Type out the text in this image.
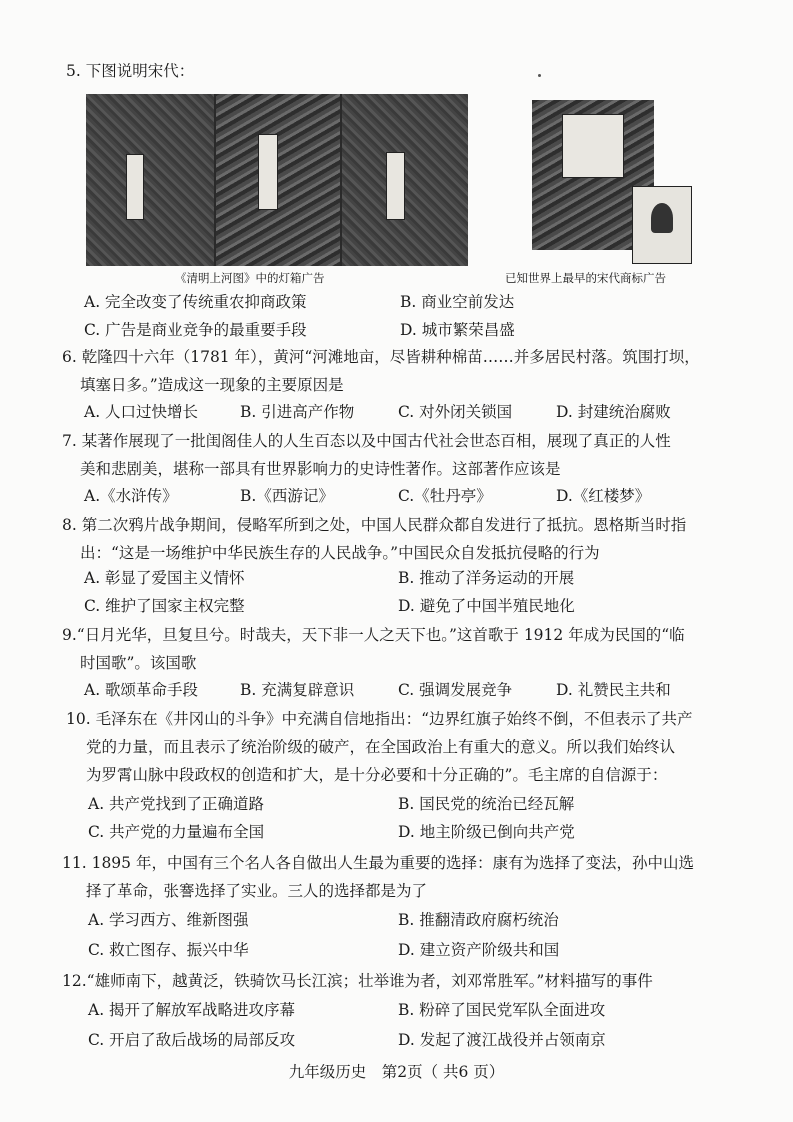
5. 下图说明宋代：
《清明上河图》中的灯箱广告	已知世界上最早的宋代商标广告
A. 完全改变了传统重农抑商政策	B. 商业空前发达
C. 广告是商业竞争的最重要手段	D. 城市繁荣昌盛
6. 乾隆四十六年（1781 年），黄河“河滩地亩，尽皆耕种棉苗……并多居民村落。筑围打坝，
填塞日多。”造成这一现象的主要原因是
A. 人口过快增长	B. 引进高产作物	C. 对外闭关锁国	D. 封建统治腐败
7. 某著作展现了一批闺阁佳人的人生百态以及中国古代社会世态百相，展现了真正的人性
美和悲剧美，堪称一部具有世界影响力的史诗性著作。这部著作应该是
A.《水浒传》	B.《西游记》	C.《牡丹亭》	D.《红楼梦》
8. 第二次鸦片战争期间，侵略军所到之处，中国人民群众都自发进行了抵抗。恩格斯当时指
出：“这是一场维护中华民族生存的人民战争。”中国民众自发抵抗侵略的行为
A. 彰显了爱国主义情怀	B. 推动了洋务运动的开展
C. 维护了国家主权完整	D. 避免了中国半殖民地化
9.“日月光华，旦复旦兮。时哉夫，天下非一人之天下也。”这首歌于 1912 年成为民国的“临
时国歌”。该国歌
A. 歌颂革命手段	B. 充满复辟意识	C. 强调发展竞争	D. 礼赞民主共和
10. 毛泽东在《井冈山的斗争》中充满自信地指出：“边界红旗子始终不倒，不但表示了共产
党的力量，而且表示了统治阶级的破产，在全国政治上有重大的意义。所以我们始终认
为罗霄山脉中段政权的创造和扩大，是十分必要和十分正确的”。毛主席的自信源于：
A. 共产党找到了正确道路	B. 国民党的统治已经瓦解
C. 共产党的力量遍布全国	D. 地主阶级已倒向共产党
11. 1895 年，中国有三个名人各自做出人生最为重要的选择：康有为选择了变法，孙中山选
择了革命，张謇选择了实业。三人的选择都是为了
A. 学习西方、维新图强	B. 推翻清政府腐朽统治
C. 救亡图存、振兴中华	D. 建立资产阶级共和国
12.“雄师南下，越黄泛，铁骑饮马长江滨；壮举谁为者，刘邓常胜军。”材料描写的事件
A. 揭开了解放军战略进攻序幕	B. 粉碎了国民党军队全面进攻
C. 开启了敌后战场的局部反攻	D. 发起了渡江战役并占领南京
九年级历史　第2页（ 共6 页）
